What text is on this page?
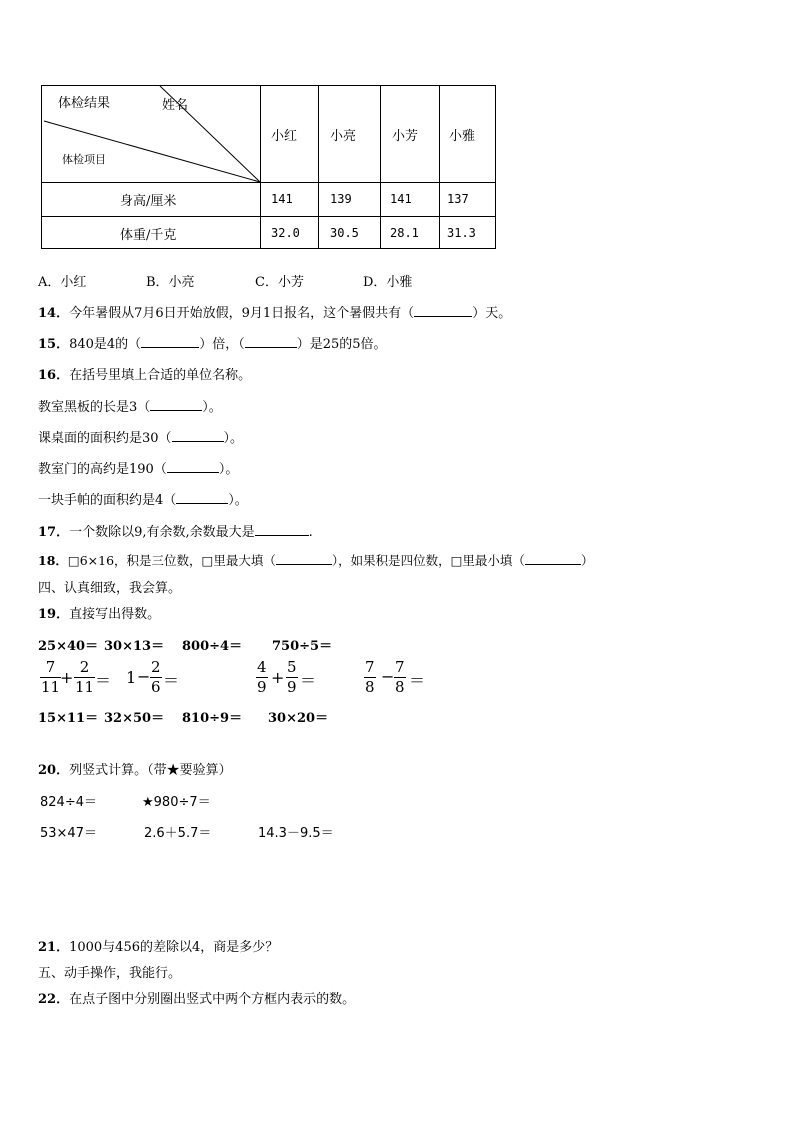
体检结果	姓名
体检项目
小红	小亮	小芳 小雅
身高/厘米	141	139	141	137
体重/千克	32.0	30.5	28.1 31.3
A．小红	B．小亮	C．小芳	D．小雅
14．今年暑假从7月6日开始放假，9月1日报名，这个暑假共有（	）天。
15．840是4的（	）倍，（	）是25的5倍。
16．在括号里填上合适的单位名称。
教室黑板的长是3（	）。
课桌面的面积约是30（	）。
教室门的高约是190（	）。
一块手帕的面积约是4（	）。
17．一个数除以9,有余数,余数最大是	.
18．□6×16，积是三位数，□里最大填（	），如果积是四位数，□里最小填（	）
四、认真细致，我会算。
19．直接写出得数。
25×40＝ 30×13＝ 800÷4＝ 750÷5＝
7
11 +
2
11 ＝ 1 − 2
6 ＝
4
9 +
5
9 ＝
7
8
− 7
8 ＝
15×11＝ 32×50＝ 810÷9＝ 30×20＝
20．列竖式计算。（带★要验算）
824÷4＝	★980÷7＝
53×47＝	2.6＋5.7＝	14.3－9.5＝
21．1000与456的差除以4，商是多少？
五、动手操作，我能行。
22．在点子图中分别圈出竖式中两个方框内表示的数。
